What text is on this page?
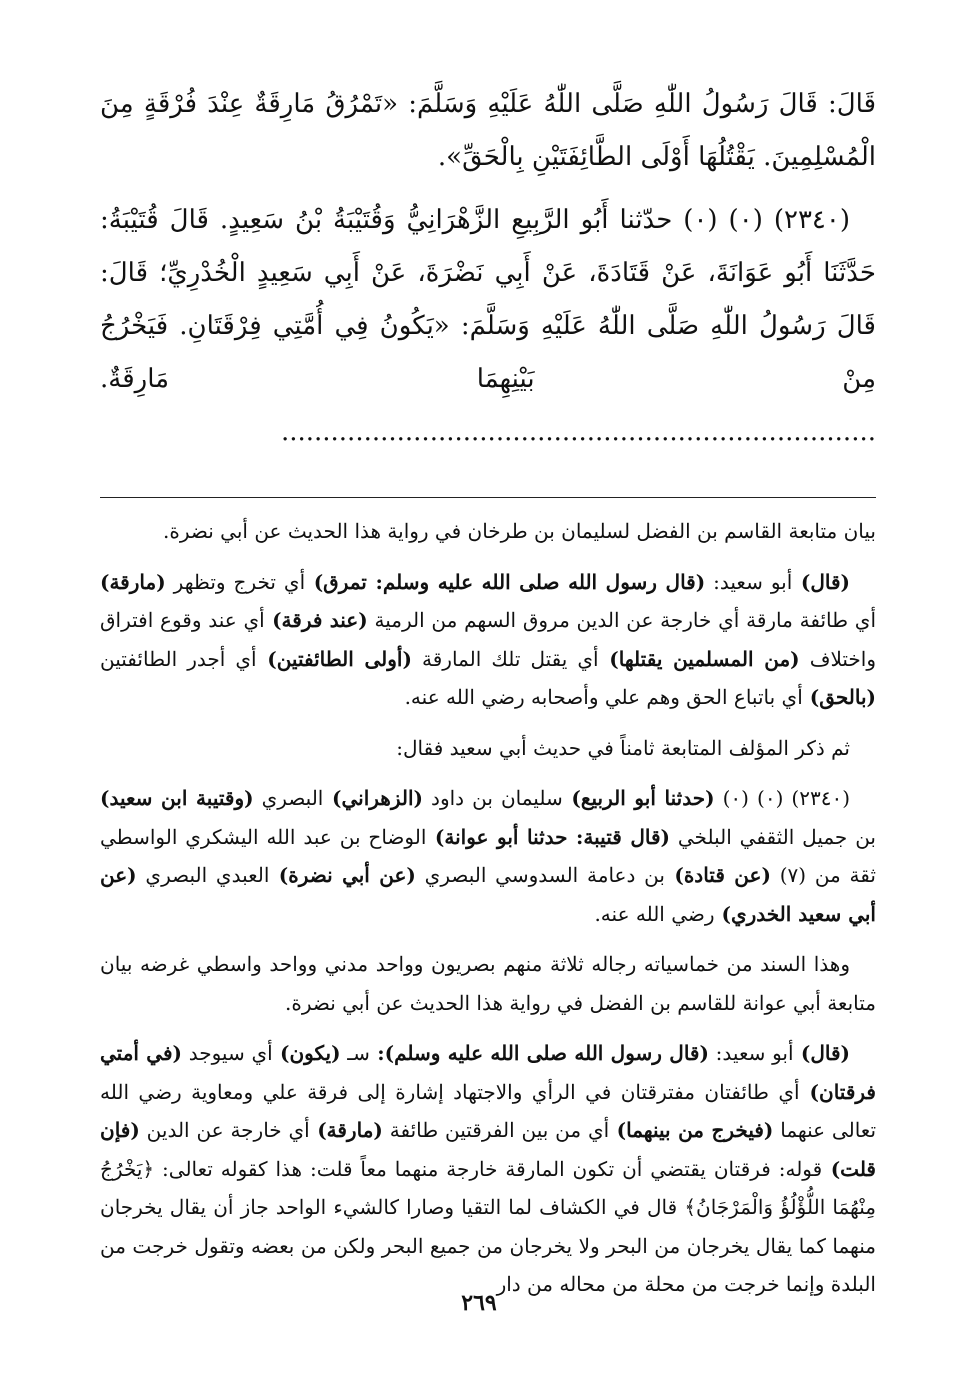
قَالَ: قَالَ رَسُولُ اللّٰهِ صَلَّى اللّٰهُ عَلَيْهِ وَسَلَّمَ: «تَمْرُقُ مَارِقَةٌ عِنْدَ فُرْقَةٍ مِنَ الْمُسْلِمِينَ. يَقْتُلُهَا أَوْلَى الطَّائِفَتَيْنِ بِالْحَقِّ».

(٢٣٤٠) (٠) (٠) حدّثنا أَبُو الرَّبِيعِ الزَّهْرَانِيُّ وَقُتَيْبَةُ بْنُ سَعِيدٍ. قَالَ قُتَيْبَةُ: حَدَّثَنَا أَبُو عَوَانَةَ، عَنْ قَتَادَةَ، عَنْ أَبِي نَضْرَةَ، عَنْ أَبِي سَعِيدٍ الْخُدْرِيِّ؛ قَالَ: قَالَ رَسُولُ اللّٰهِ صَلَّى اللّٰهُ عَلَيْهِ وَسَلَّمَ: «يَكُونُ فِي أُمَّتِي فِرْقَتَانِ. فَيَخْرُجُ مِنْ بَيْنِهِمَا مَارِقَةٌ. ........................................................................

بيان متابعة القاسم بن الفضل لسليمان بن طرخان في رواية هذا الحديث عن أبي نضرة.

(قال) أبو سعيد: (قال رسول الله صلى الله عليه وسلم: تمرق) أي تخرج وتظهر (مارقة) أي طائفة مارقة أي خارجة عن الدين مروق السهم من الرمية (عند فرقة) أي عند وقوع افتراق واختلاف (من المسلمين يقتلها) أي يقتل تلك المارقة (أولى الطائفتين) أي أجدر الطائفتين (بالحق) أي باتباع الحق وهم علي وأصحابه رضي الله عنه.

ثم ذكر المؤلف المتابعة ثامناً في حديث أبي سعيد فقال:

(٢٣٤٠) (٠) (٠) (حدثنا أبو الربيع) سليمان بن داود (الزهراني) البصري (وقتيبة ابن سعيد) بن جميل الثقفي البلخي (قال قتيبة: حدثنا أبو عوانة) الوضاح بن عبد الله اليشكري الواسطي ثقة من (٧) (عن قتادة) بن دعامة السدوسي البصري (عن أبي نضرة) العبدي البصري (عن أبي سعيد الخدري) رضي الله عنه.

وهذا السند من خماسياته رجاله ثلاثة منهم بصريون وواحد مدني وواحد واسطي غرضه بيان متابعة أبي عوانة للقاسم بن الفضل في رواية هذا الحديث عن أبي نضرة.

(قال) أبو سعيد: (قال رسول الله صلى الله عليه وسلم): سـ (يكون) أي سيوجد (في أمتي فرقتان) أي طائفتان مفترقتان في الرأي والاجتهاد إشارة إلى فرقة علي ومعاوية رضي الله تعالى عنهما (فيخرج من بينهما) أي من بين الفرقتين طائفة (مارقة) أي خارجة عن الدين (فإن قلت) قوله: فرقتان يقتضي أن تكون المارقة خارجة منهما معاً قلت: هذا كقوله تعالى: ﴿يَخْرُجُ مِنْهُمَا اللُّؤْلُؤُ وَالْمَرْجَانُ﴾ قال في الكشاف لما التقيا وصارا كالشيء الواحد جاز أن يقال يخرجان منهما كما يقال يخرجان من البحر ولا يخرجان من جميع البحر ولكن من بعضه وتقول خرجت من البلدة وإنما خرجت من محلة من محاله من دار

٢٦٩
